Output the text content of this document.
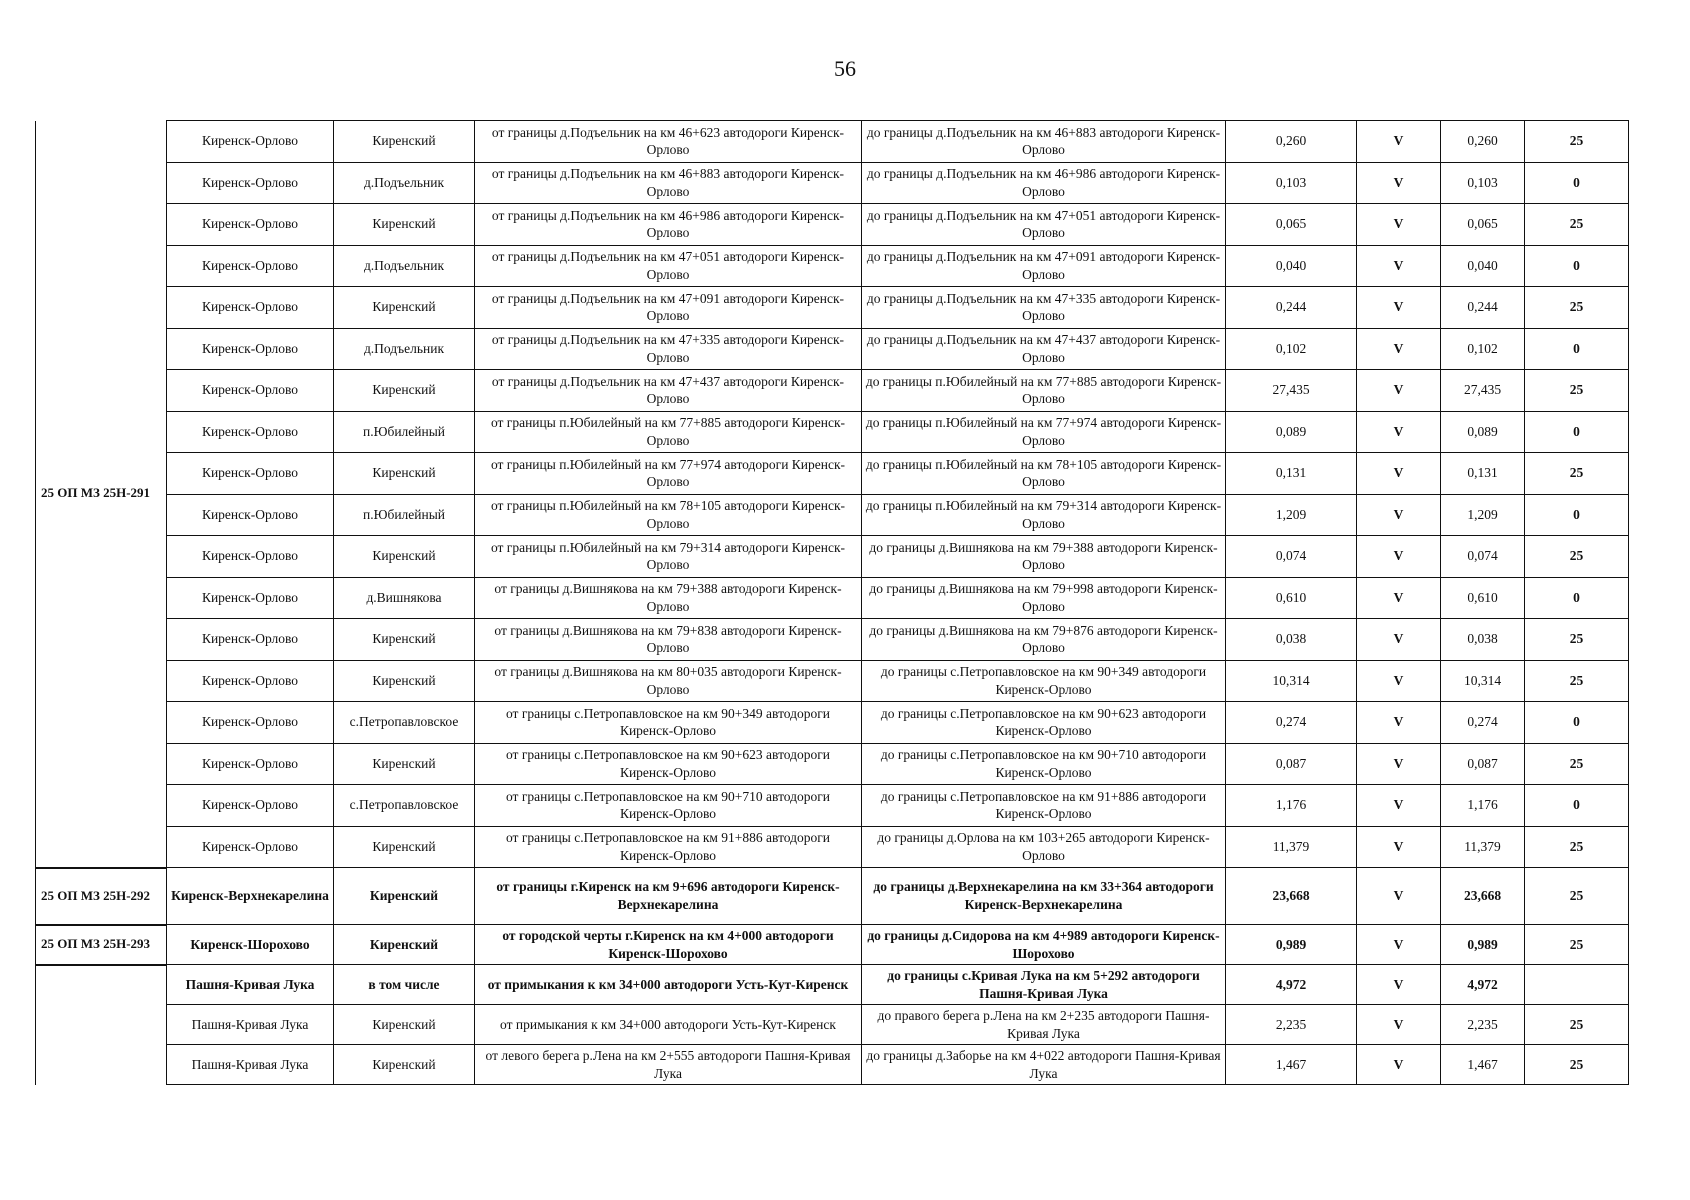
56
25 ОП МЗ 25Н-291	Киренск-Орлово	Киренский	от границы д.Подъельник на км 46+623 автодороги Киренск-Орлово	до границы д.Подъельник на км 46+883 автодороги Киренск-Орлово	0,260	V	0,260	25
	Киренск-Орлово	д.Подъельник	от границы д.Подъельник на км 46+883 автодороги Киренск-Орлово	до границы д.Подъельник на км 46+986 автодороги Киренск-Орлово	0,103	V	0,103	0
	Киренск-Орлово	Киренский	от границы д.Подъельник на км 46+986 автодороги Киренск-Орлово	до границы д.Подъельник на км 47+051 автодороги Киренск-Орлово	0,065	V	0,065	25
	Киренск-Орлово	д.Подъельник	от границы д.Подъельник на км 47+051 автодороги Киренск-Орлово	до границы д.Подъельник на км 47+091 автодороги Киренск-Орлово	0,040	V	0,040	0
	Киренск-Орлово	Киренский	от границы д.Подъельник на км 47+091 автодороги Киренск-Орлово	до границы д.Подъельник на км 47+335 автодороги Киренск-Орлово	0,244	V	0,244	25
	Киренск-Орлово	д.Подъельник	от границы д.Подъельник на км 47+335 автодороги Киренск-Орлово	до границы д.Подъельник на км 47+437 автодороги Киренск-Орлово	0,102	V	0,102	0
	Киренск-Орлово	Киренский	от границы д.Подъельник на км 47+437 автодороги Киренск-Орлово	до границы п.Юбилейный на км 77+885 автодороги Киренск-Орлово	27,435	V	27,435	25
	Киренск-Орлово	п.Юбилейный	от границы п.Юбилейный на км 77+885 автодороги Киренск-Орлово	до границы п.Юбилейный на км 77+974 автодороги Киренск-Орлово	0,089	V	0,089	0
	Киренск-Орлово	Киренский	от границы п.Юбилейный на км 77+974 автодороги Киренск-Орлово	до границы п.Юбилейный на км 78+105 автодороги Киренск-Орлово	0,131	V	0,131	25
	Киренск-Орлово	п.Юбилейный	от границы п.Юбилейный на км 78+105 автодороги Киренск-Орлово	до границы п.Юбилейный на км 79+314 автодороги Киренск-Орлово	1,209	V	1,209	0
	Киренск-Орлово	Киренский	от границы п.Юбилейный на км 79+314 автодороги Киренск-Орлово	до границы д.Вишнякова на км 79+388 автодороги Киренск-Орлово	0,074	V	0,074	25
	Киренск-Орлово	д.Вишнякова	от границы д.Вишнякова на км 79+388 автодороги Киренск-Орлово	до границы д.Вишнякова на км 79+998 автодороги Киренск-Орлово	0,610	V	0,610	0
	Киренск-Орлово	Киренский	от границы д.Вишнякова на км 79+838 автодороги Киренск-Орлово	до границы д.Вишнякова на км 79+876 автодороги Киренск-Орлово	0,038	V	0,038	25
	Киренск-Орлово	Киренский	от границы д.Вишнякова на км 80+035 автодороги Киренск-Орлово	до границы с.Петропавловское на км 90+349 автодороги Киренск-Орлово	10,314	V	10,314	25
	Киренск-Орлово	с.Петропавловское	от границы с.Петропавловское на км 90+349 автодороги Киренск-Орлово	до границы с.Петропавловское на км 90+623 автодороги Киренск-Орлово	0,274	V	0,274	0
	Киренск-Орлово	Киренский	от границы с.Петропавловское на км 90+623 автодороги Киренск-Орлово	до границы с.Петропавловское на км 90+710 автодороги Киренск-Орлово	0,087	V	0,087	25
	Киренск-Орлово	с.Петропавловское	от границы с.Петропавловское на км 90+710 автодороги Киренск-Орлово	до границы с.Петропавловское на км 91+886 автодороги Киренск-Орлово	1,176	V	1,176	0
	Киренск-Орлово	Киренский	от границы с.Петропавловское на км 91+886 автодороги Киренск-Орлово	до границы д.Орлова на км 103+265 автодороги Киренск-Орлово	11,379	V	11,379	25
25 ОП МЗ 25Н-292	Киренск-Верхнекарелина	Киренский	от границы г.Киренск на км 9+696 автодороги Киренск-Верхнекарелина	до границы д.Верхнекарелина на км 33+364 автодороги Киренск-Верхнекарелина	23,668	V	23,668	25
25 ОП МЗ 25Н-293	Киренск-Шорохово	Киренский	от городской черты г.Киренск на км 4+000 автодороги Киренск-Шорохово	до границы д.Сидорова на км 4+989 автодороги Киренск-Шорохово	0,989	V	0,989	25
	Пашня-Кривая Лука	в том числе	от примыкания к км 34+000 автодороги Усть-Кут-Киренск	до границы с.Кривая Лука на км 5+292 автодороги Пашня-Кривая Лука	4,972	V	4,972	
	Пашня-Кривая Лука	Киренский	от примыкания к км 34+000 автодороги Усть-Кут-Киренск	до правого берега р.Лена на км 2+235 автодороги Пашня-Кривая Лука	2,235	V	2,235	25
	Пашня-Кривая Лука	Киренский	от левого берега р.Лена на км 2+555 автодороги Пашня-Кривая Лука	до границы д.Заборье на км 4+022 автодороги Пашня-Кривая Лука	1,467	V	1,467	25
